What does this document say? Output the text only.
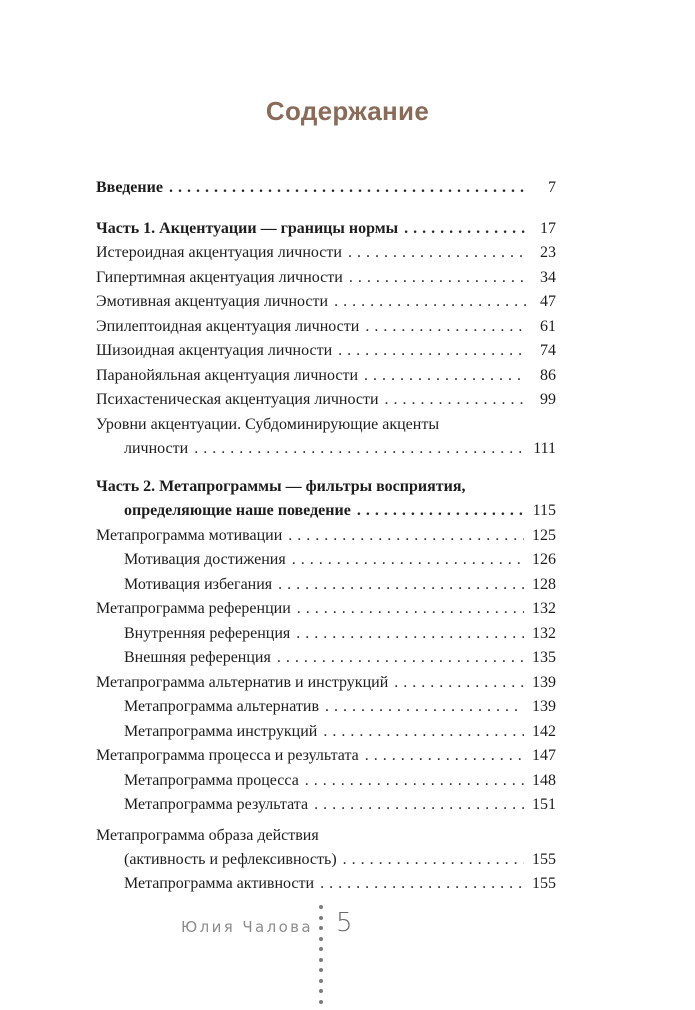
Содержание
Введение . . .	7
Часть 1. Акцентуации — границы нормы . . .	17
Истероидная акцентуация личности . . .	23
Гипертимная акцентуация личности . . .	34
Эмотивная акцентуация личности . . .	47
Эпилептоидная акцентуация личности . . .	61
Шизоидная акцентуация личности . . .	74
Паранойяльная акцентуация личности . . .	86
Психастеническая акцентуация личности . . .	99
Уровни акцентуации. Субдоминирующие акценты
личности . . .	111
Часть 2. Метапрограммы — фильтры восприятия,
определяющие наше поведение . . .	115
Метапрограмма мотивации . . .	125
Мотивация достижения . . .	126
Мотивация избегания . . .	128
Метапрограмма референции . . .	132
Внутренняя референция . . .	132
Внешняя референция . . .	135
Метапрограмма альтернатив и инструкций . . .	139
Метапрограмма альтернатив . . .	139
Метапрограмма инструкций . . .	142
Метапрограмма процесса и результата . . .	147
Метапрограмма процесса . . .	148
Метапрограмма результата . . .	151
Метапрограмма образа действия
(активность и рефлексивность) . . .	155
Метапрограмма активности . . .	155
Юлия Чалова 5
